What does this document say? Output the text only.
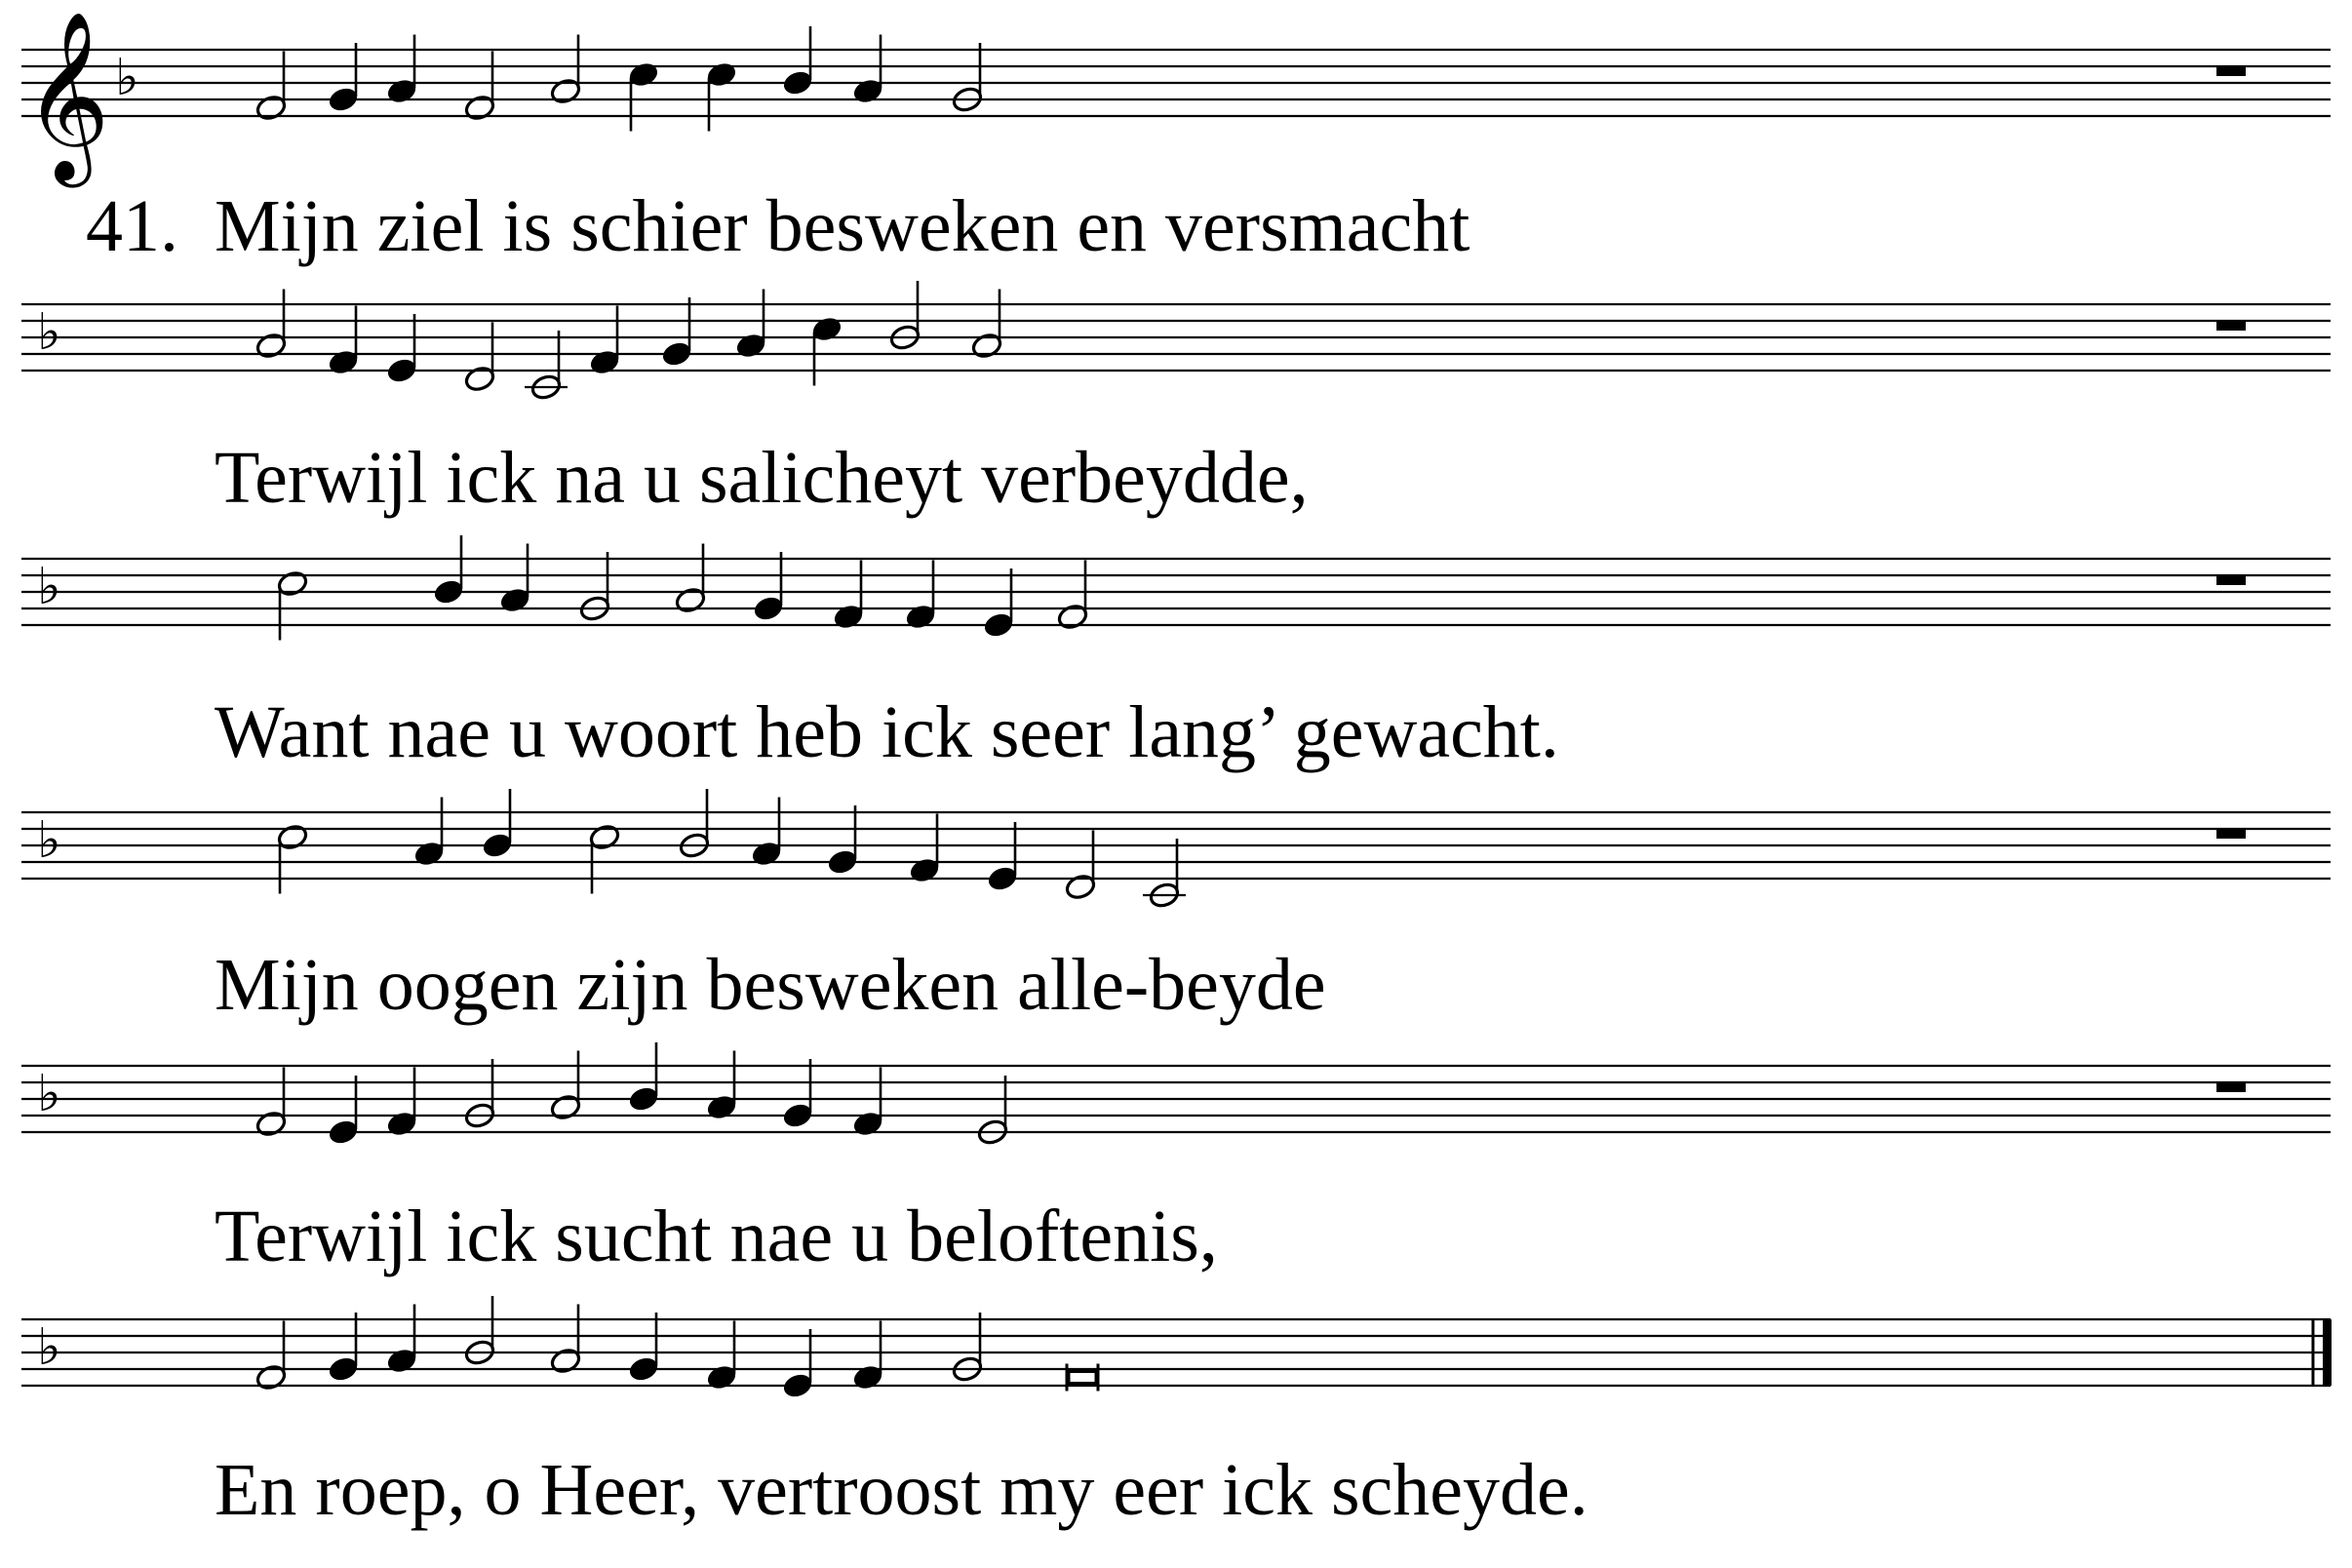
𝄞 ♭
♭
♭
♭
♭
♭
41. Mijn ziel is schier besweken en versmacht
Terwijl ick na u salicheyt verbeydde,
Want nae u woort heb ick seer lang’ gewacht.
Mijn oogen zijn besweken alle-beyde
Terwijl ick sucht nae u beloftenis,
En roep, o Heer, vertroost my eer ick scheyde.
